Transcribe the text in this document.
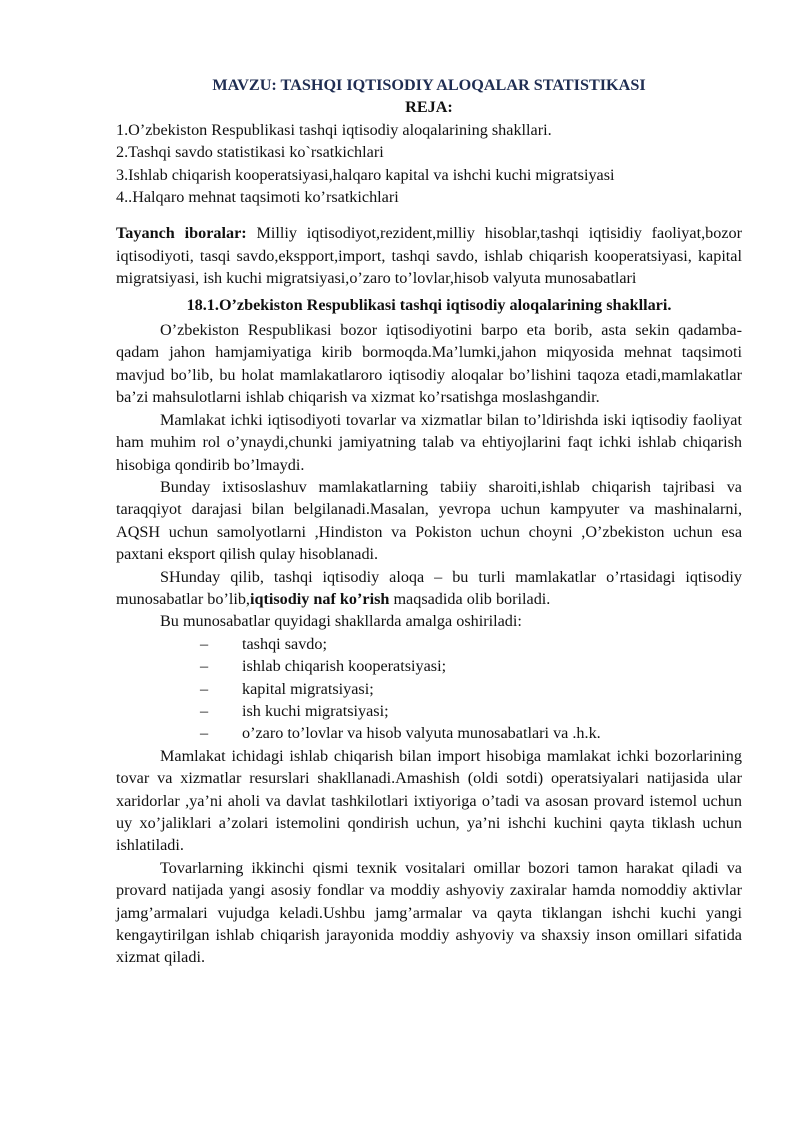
MAVZU: TASHQI IQTISODIY ALOQALAR STATISTIKASI

REJA:

1.O’zbekiston Respublikasi tashqi iqtisodiy aloqalarining shakllari.

2.Tashqi savdo statistikasi ko`rsatkichlari

3.Ishlab chiqarish kooperatsiyasi,halqaro kapital va ishchi kuchi migratsiyasi

4..Halqaro mehnat taqsimoti ko’rsatkichlari

Tayanch iboralar: Milliy iqtisodiyot,rezident,milliy hisoblar,tashqi iqtisidiy faoliyat,bozor iqtisodiyoti, tasqi savdo,ekspport,import, tashqi savdo, ishlab chiqarish kooperatsiyasi, kapital migratsiyasi, ish kuchi migratsiyasi,o’zaro to’lovlar,hisob valyuta munosabatlari

18.1.O’zbekiston Respublikasi tashqi iqtisodiy aloqalarining shakllari.

O’zbekiston Respublikasi bozor iqtisodiyotini barpo eta borib, asta sekin qadamba- qadam jahon hamjamiyatiga kirib bormoqda.Ma’lumki,jahon miqyosida mehnat taqsimoti mavjud bo’lib, bu holat mamlakatlaroro iqtisodiy aloqalar bo’lishini taqoza etadi,mamlakatlar ba’zi mahsulotlarni ishlab chiqarish va xizmat ko’rsatishga moslashgandir.

Mamlakat ichki iqtisodiyoti tovarlar va xizmatlar bilan to’ldirishda iski iqtisodiy faoliyat ham muhim rol o’ynaydi,chunki jamiyatning talab va ehtiyojlarini faqt ichki ishlab chiqarish hisobiga qondirib bo’lmaydi.

Bunday ixtisoslashuv mamlakatlarning tabiiy sharoiti,ishlab chiqarish tajribasi va taraqqiyot darajasi bilan belgilanadi.Masalan, yevropa uchun kampyuter va mashinalarni, AQSH uchun samolyotlarni ,Hindiston va Pokiston uchun choyni ,O’zbekiston uchun esa paxtani eksport qilish qulay hisoblanadi.

SHunday qilib, tashqi iqtisodiy aloqa – bu turli mamlakatlar o’rtasidagi iqtisodiy munosabatlar bo’lib,iqtisodiy naf ko’rish maqsadida olib boriladi.

Bu munosabatlar quyidagi shakllarda amalga oshiriladi:

– tashqi savdo;
– ishlab chiqarish kooperatsiyasi;
– kapital migratsiyasi;
– ish kuchi migratsiyasi;
– o’zaro to’lovlar va hisob valyuta munosabatlari va .h.k.

Mamlakat ichidagi ishlab chiqarish bilan import hisobiga mamlakat ichki bozorlarining tovar va xizmatlar resurslari shakllanadi.Amashish (oldi sotdi) operatsiyalari natijasida ular xaridorlar ,ya’ni aholi va davlat tashkilotlari ixtiyoriga o’tadi va asosan provard istemol uchun uy xo’jaliklari a’zolari istemolini qondirish uchun, ya’ni ishchi kuchini qayta tiklash uchun ishlatiladi.

Tovarlarning ikkinchi qismi texnik vositalari omillar bozori tamon harakat qiladi va provard natijada yangi asosiy fondlar va moddiy ashyoviy zaxiralar hamda nomoddiy aktivlar jamg’armalari vujudga keladi.Ushbu jamg’armalar va qayta tiklangan ishchi kuchi yangi kengaytirilgan ishlab chiqarish jarayonida moddiy ashyoviy va shaxsiy inson omillari sifatida xizmat qiladi.
